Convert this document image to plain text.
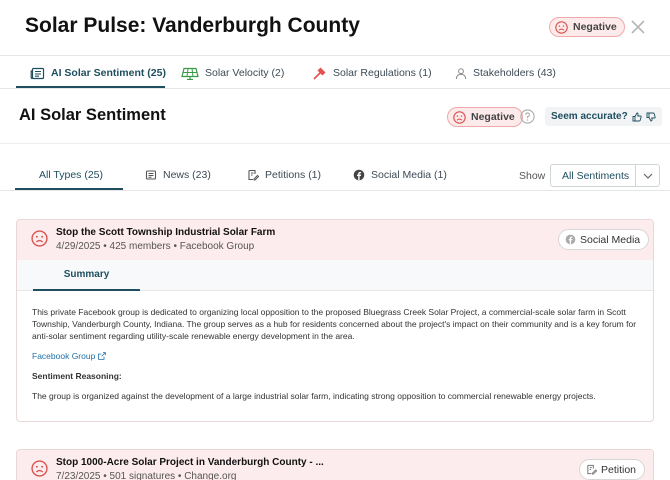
Solar Pulse: Vanderburgh County	Negative
AI Solar Sentiment (25)	Solar Velocity (2)	Solar Regulations (1)	Stakeholders (43)
AI Solar Sentiment	Negative	Seem accurate?
All Types (25)	News (23)	Petitions (1)	Social Media (1)	Show	All Sentiments
Stop the Scott Township Industrial Solar Farm
4/29/2025 • 425 members • Facebook Group
Social Media
Summary

This private Facebook group is dedicated to organizing local opposition to the proposed Bluegrass Creek Solar Project, a commercial-scale solar farm in Scott Township, Vanderburgh County, Indiana. The group serves as a hub for residents concerned about the project's impact on their community and is a key forum for anti-solar sentiment regarding utility-scale renewable energy development in the area.

Facebook Group
Sentiment Reasoning:
The group is organized against the development of a large industrial solar farm, indicating strong opposition to commercial renewable energy projects.
Stop 1000-Acre Solar Project in Vanderburgh County - ...
7/23/2025 • 501 signatures • Change.org
Petition
